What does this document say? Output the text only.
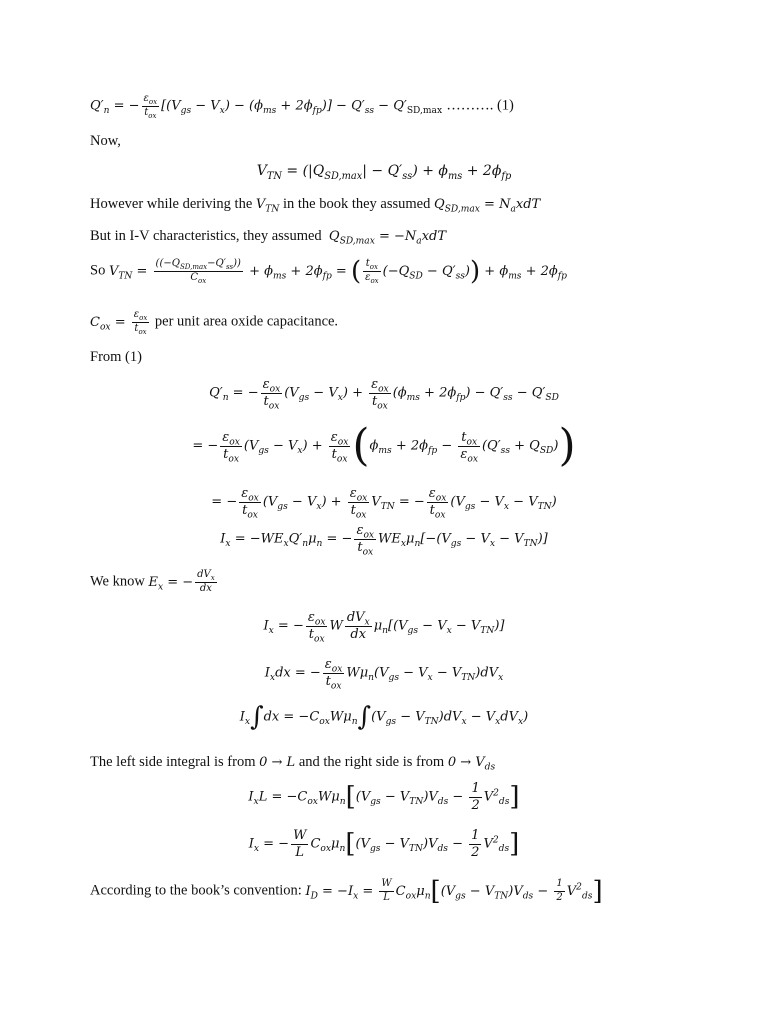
$Q'_n$ = − $\frac{\varepsilon_{ox}}{t_{ox}} [(V_{gs} - V_x) - (\phi_{ms} + 2\phi_{fp})] - Q'_{ss} - Q'_{SD,max}$ ………. (1)
Now,
$V_{TN} = (|Q_{SD,max}| - Q'_{ss}) + \phi_{ms} + 2\phi_{fp}$
However while deriving the $V_{TN}$ in the book they assumed $Q_{SD,max} = N_axdT$
But in I-V characteristics, they assumed $Q_{SD,max} = -N_axdT$
So $V_{TN} = \frac{((-Q_{SD,max}-Q'_{ss}))}{C_{ox}} + \phi_{ms} + 2\phi_{fp}$ = ( $\frac{t_{ox}}{\varepsilon_{ox}} (-Q_{SD} - Q'_{ss})) + \phi_{ms} + 2\phi_{fp}$
$C_{ox} = \frac{\varepsilon_{ox}}{t_{ox}}$ per unit area oxide capacitance.
From (1)
$Q'_n$ = − $\frac{\varepsilon_{ox}}{t_{ox}} (V_{gs} - V_x) + \frac{\varepsilon_{ox}}{t_{ox}} (\phi_{ms} + 2\phi_{fp}) - Q'_{ss} - Q'_{SD}$
= − $\frac{\varepsilon_{ox}}{t_{ox}} (V_{gs} - V_x) + \frac{\varepsilon_{ox}}{t_{ox}} (\phi_{ms} + 2\phi_{fp} - \frac{t_{ox}}{\varepsilon_{ox}} (Q'_{ss} + Q_{SD}))$
= − $\frac{\varepsilon_{ox}}{t_{ox}} (V_{gs} - V_x) + \frac{\varepsilon_{ox}}{t_{ox}} V_{TN}$ = − $\frac{\varepsilon_{ox}}{t_{ox}} (V_{gs} - V_x - V_{TN})$
$I_x = -WE_xQ'_n\mu_n$ = − $\frac{\varepsilon_{ox}}{t_{ox}} WE_x\mu_n[-(V_{gs} - V_x - V_{TN})]$
We know $E_x$ = − $\frac{dV_x}{dx}$
$I_x$ = − $\frac{\varepsilon_{ox}}{t_{ox}}$ W $\frac{dV_x}{dx} \mu_n[(V_{gs} - V_x - V_{TN})]$
$I_xdx$ = − $\frac{\varepsilon_{ox}}{t_{ox}} W\mu_n(V_{gs} - V_x - V_{TN})dV_x$
$I_x\int dx = -C_{ox}W\mu_n\int(V_{gs} - V_{TN})dV_x - V_xdV_x$)
The left side integral is from 0 → L and the right side is from $0 \to V_{ds}$
$I_xL = -C_{ox}W\mu_n[(V_{gs} - V_{TN})V_{ds} - \frac{1}{2} V^2_{ds}]$
$I_x$ = − $\frac{W}{L} C_{ox}\mu_n[(V_{gs} - V_{TN})V_{ds} - \frac{1}{2} V^2_{ds}]$
According to the book’s convention: $I_D = -I_x = \frac{W}{L} C_{ox}\mu_n[(V_{gs} - V_{TN})V_{ds} - \frac{1}{2} V^2_{ds}]$
